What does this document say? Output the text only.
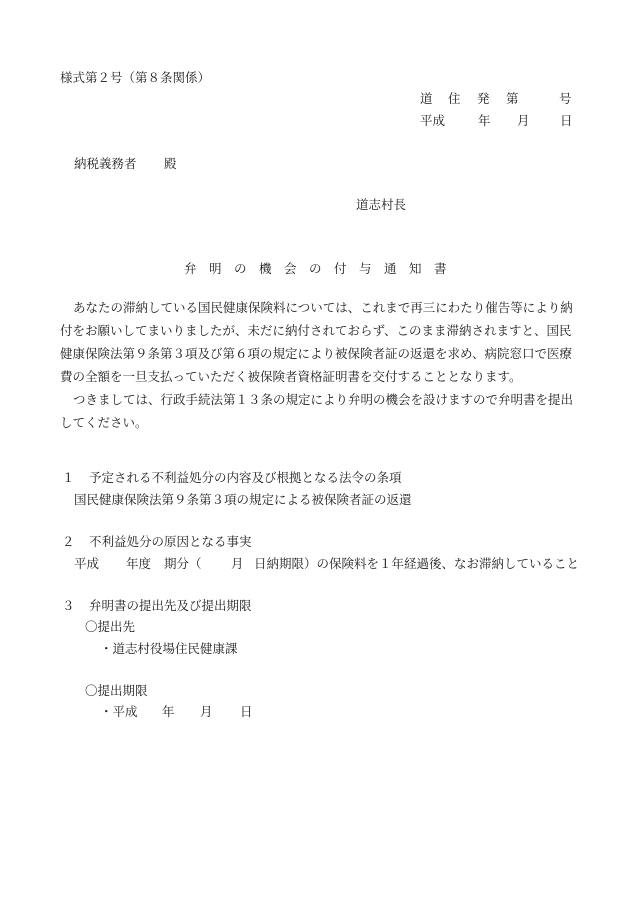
様式第２号（第８条関係）
道 住 発 第	号
平成	年 月 日
納税義務者 殿
道志村長
弁 明 の 機 会 の 付 与 通 知 書

あなたの滞納している国民健康保険料については、これまで再三にわたり催告等により納付をお願いしてまいりましたが、未だに納付されておらず、このまま滞納されますと、国民健康保険法第９条第３項及び第６項の規定により被保険者証の返還を求め、病院窓口で医療費の全額を一旦支払っていただく被保険者資格証明書を交付することとなります。

つきましては、行政手続法第１３条の規定により弁明の機会を設けますので弁明書を提出してください。

１ 予定される不利益処分の内容及び根拠となる法令の条項
国民健康保険法第９条第３項の規定による被保険者証の返還
２ 不利益処分の原因となる事実
平成 年度 期分（ 月 日納期限）の保険料を１年経過後、なお滞納していること
３ 弁明書の提出先及び提出期限
〇提出先
・道志村役場住民健康課
〇提出期限
・平成 年 月 日
